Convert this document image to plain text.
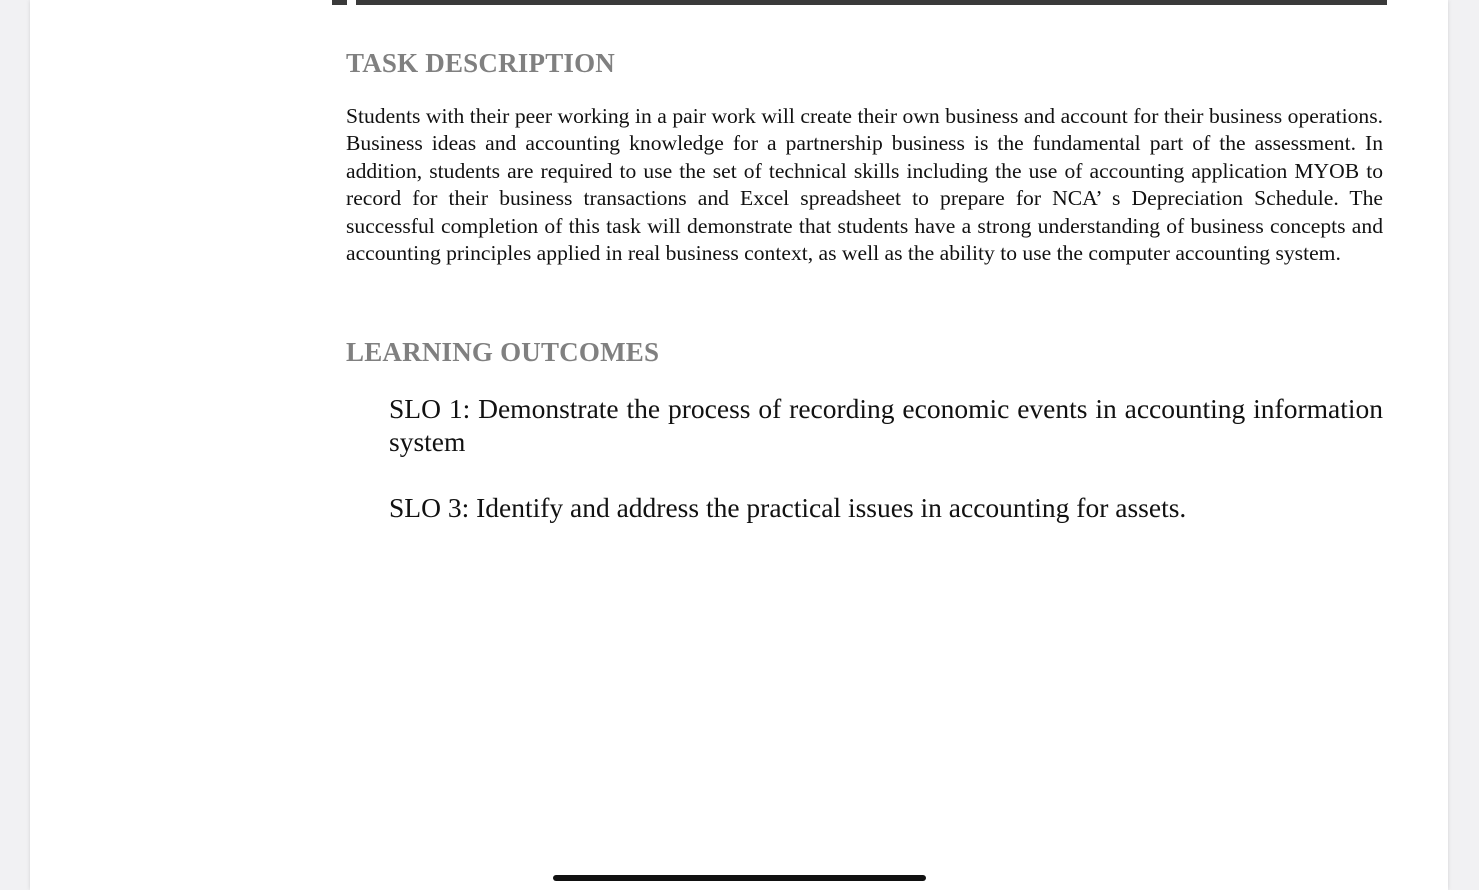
TASK DESCRIPTION

Students with their peer working in a pair work will create their own business and account for their business operations. Business ideas and accounting knowledge for a partnership business is the fundamental part of the assessment. In addition, students are required to use the set of technical skills including the use of accounting application MYOB to record for their business transactions and Excel spreadsheet to prepare for NCA’ s Depreciation Schedule. The successful completion of this task will demonstrate that students have a strong understanding of business concepts and accounting principles applied in real business context, as well as the ability to use the computer accounting system.

LEARNING OUTCOMES

SLO 1: Demonstrate the process of recording economic events in accounting information system

SLO 3: Identify and address the practical issues in accounting for assets.
